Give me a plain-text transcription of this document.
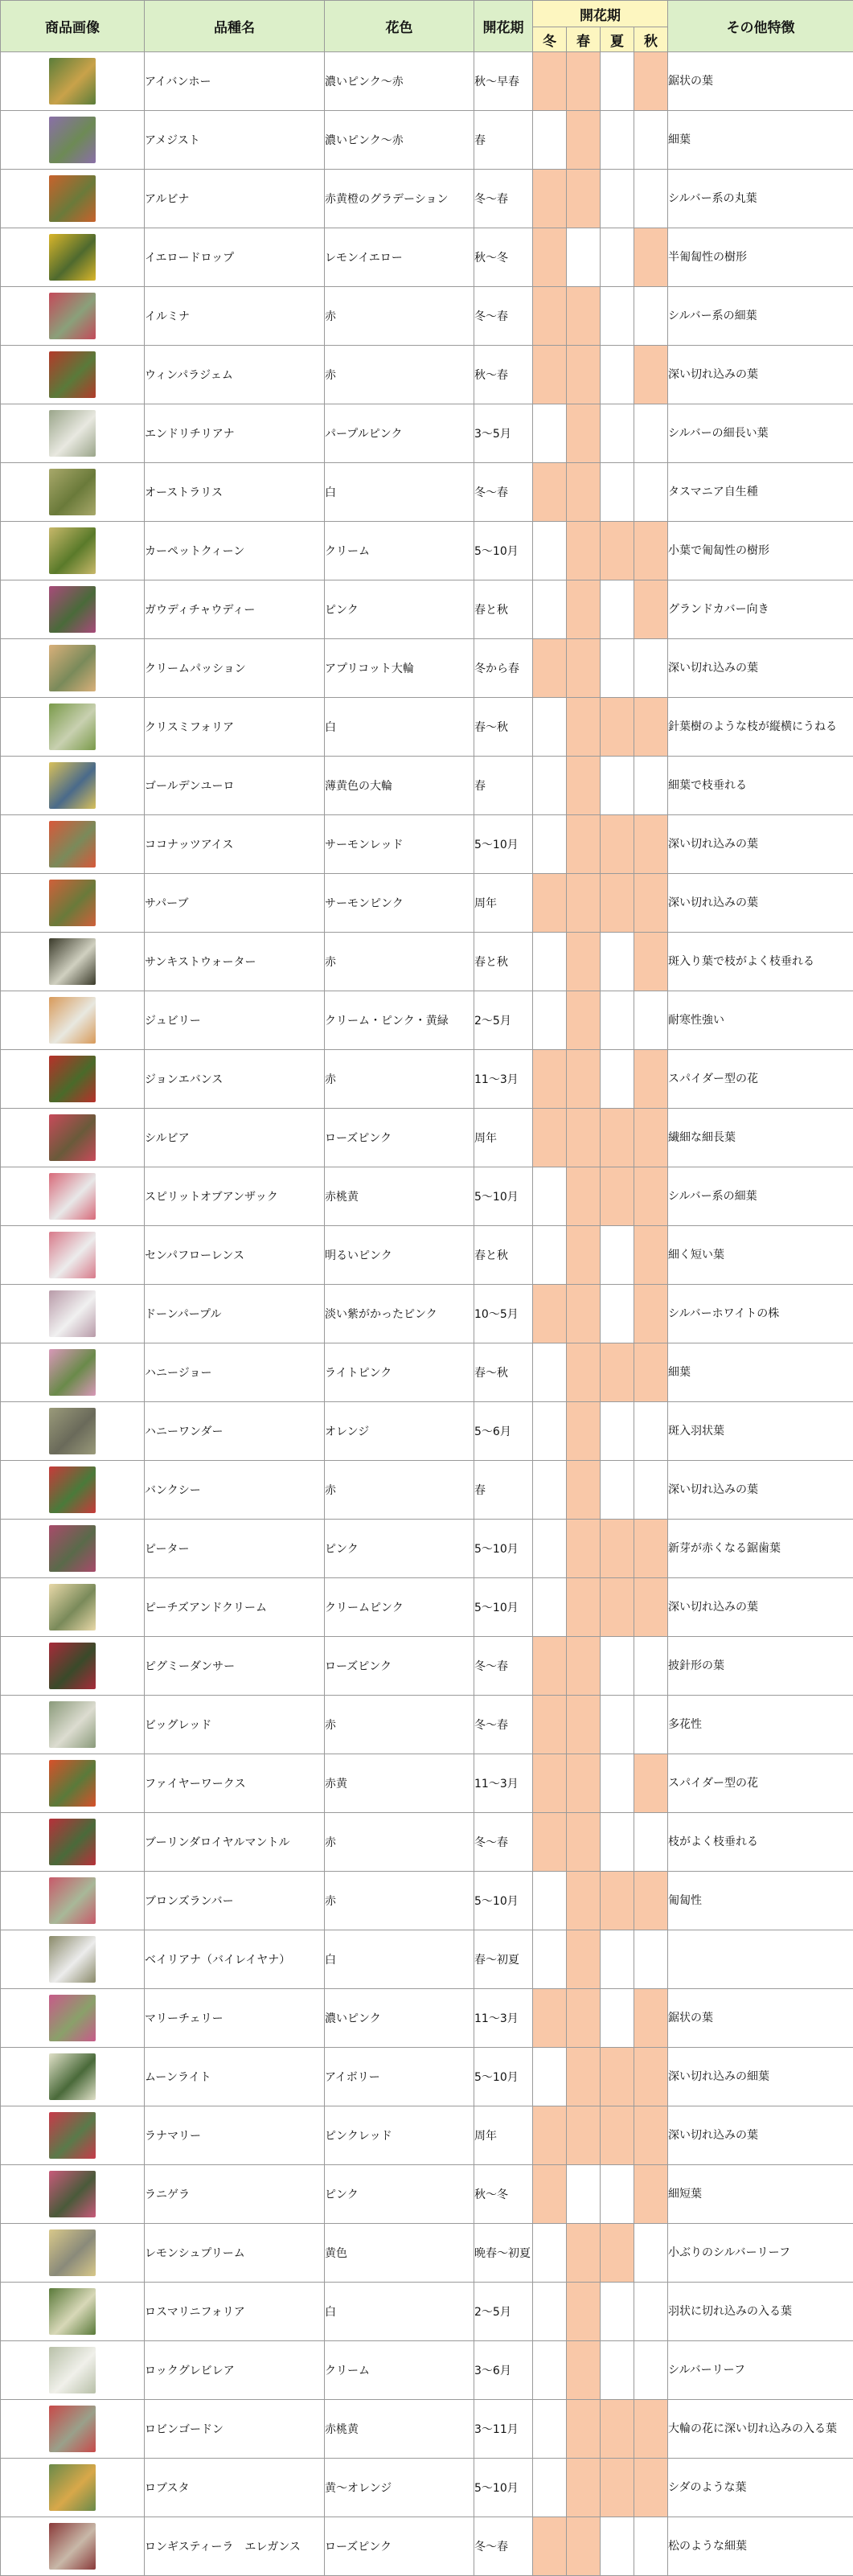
商品画像	品種名	花色	開花期	開花期				その他特徴
				冬	春	夏	秋	
	アイバンホー	濃いピンク～赤	秋～早春					鋸状の葉
	アメジスト	濃いピンク～赤	春					細葉
	アルビナ	赤黄橙のグラデーション	冬～春					シルバー系の丸葉
	イエロードロップ	レモンイエロー	秋～冬					半匍匐性の樹形
	イルミナ	赤	冬～春					シルバー系の細葉
	ウィンパラジェム	赤	秋～春					深い切れ込みの葉
	エンドリチリアナ	パープルピンク	3～5月					シルバーの細長い葉
	オーストラリス	白	冬～春					タスマニア自生種
	カーペットクィーン	クリーム	5～10月					小葉で匍匐性の樹形
	ガウディチャウディー	ピンク	春と秋					グランドカバー向き
	クリームパッション	アプリコット大輪	冬から春					深い切れ込みの葉
	クリスミフォリア	白	春～秋					針葉樹のような枝が縦横にうねる
	ゴールデンユーロ	薄黄色の大輪	春					細葉で枝垂れる
	ココナッツアイス	サーモンレッド	5～10月					深い切れ込みの葉
	サパーブ	サーモンピンク	周年					深い切れ込みの葉
	サンキストウォーター	赤	春と秋					斑入り葉で枝がよく枝垂れる
	ジュビリー	クリーム・ピンク・黄緑	2～5月					耐寒性強い
	ジョンエバンス	赤	11～3月					スパイダー型の花
	シルビア	ローズピンク	周年					繊細な細長葉
	スピリットオブアンザック	赤桃黄	5～10月					シルバー系の細葉
	センパフローレンス	明るいピンク	春と秋					細く短い葉
	ドーンパープル	淡い紫がかったピンク	10～5月					シルバーホワイトの株
	ハニージョー	ライトピンク	春～秋					細葉
	ハニーワンダー	オレンジ	5～6月					斑入羽状葉
	バンクシー	赤	春					深い切れ込みの葉
	ピーター	ピンク	5～10月					新芽が赤くなる鋸歯葉
	ピーチズアンドクリーム	クリームピンク	5～10月					深い切れ込みの葉
	ピグミーダンサー	ローズピンク	冬～春					披針形の葉
	ビッグレッド	赤	冬～春					多花性
	ファイヤーワークス	赤黄	11～3月					スパイダー型の花
	ブーリンダロイヤルマントル	赤	冬～春					枝がよく枝垂れる
	ブロンズランバー	赤	5～10月					匍匐性
	ベイリアナ（バイレイヤナ）	白	春～初夏					
	マリーチェリー	濃いピンク	11～3月					鋸状の葉
	ムーンライト	アイボリー	5～10月					深い切れ込みの細葉
	ラナマリー	ピンクレッド	周年					深い切れ込みの葉
	ラニゲラ	ピンク	秋～冬					細短葉
	レモンシュプリーム	黄色	晩春～初夏					小ぶりのシルバーリーフ
	ロスマリニフォリア	白	2～5月					羽状に切れ込みの入る葉
	ロックグレビレア	クリーム	3～6月					シルバーリーフ
	ロビンゴードン	赤桃黄	3～11月					大輪の花に深い切れ込みの入る葉
	ロブスタ	黄～オレンジ	5～10月					シダのような葉
	ロンギスティーラ　エレガンス	ローズピンク	冬～春					松のような細葉
